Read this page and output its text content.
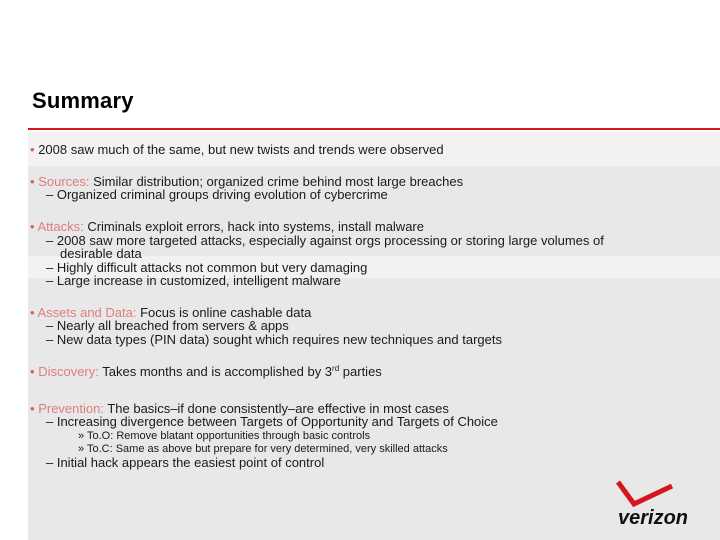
Summary
• 2008 saw much of the same, but new twists and trends were observed
• Sources: Similar distribution; organized crime behind most large breaches
– Organized criminal groups driving evolution of cybercrime
• Attacks: Criminals exploit errors, hack into systems, install malware
– 2008 saw more targeted attacks, especially against orgs processing or storing large volumes of
desirable data
– Highly difficult attacks not common but very damaging
– Large increase in customized, intelligent malware
• Assets and Data: Focus is online cashable data
– Nearly all breached from servers & apps
– New data types (PIN data) sought which requires new techniques and targets
• Discovery: Takes months and is accomplished by 3rd parties
• Prevention: The basics–if done consistently–are effective in most cases
– Increasing divergence between Targets of Opportunity and Targets of Choice
» To.O: Remove blatant opportunities through basic controls
» To.C: Same as above but prepare for very determined, very skilled attacks
– Initial hack appears the easiest point of control
verizon
